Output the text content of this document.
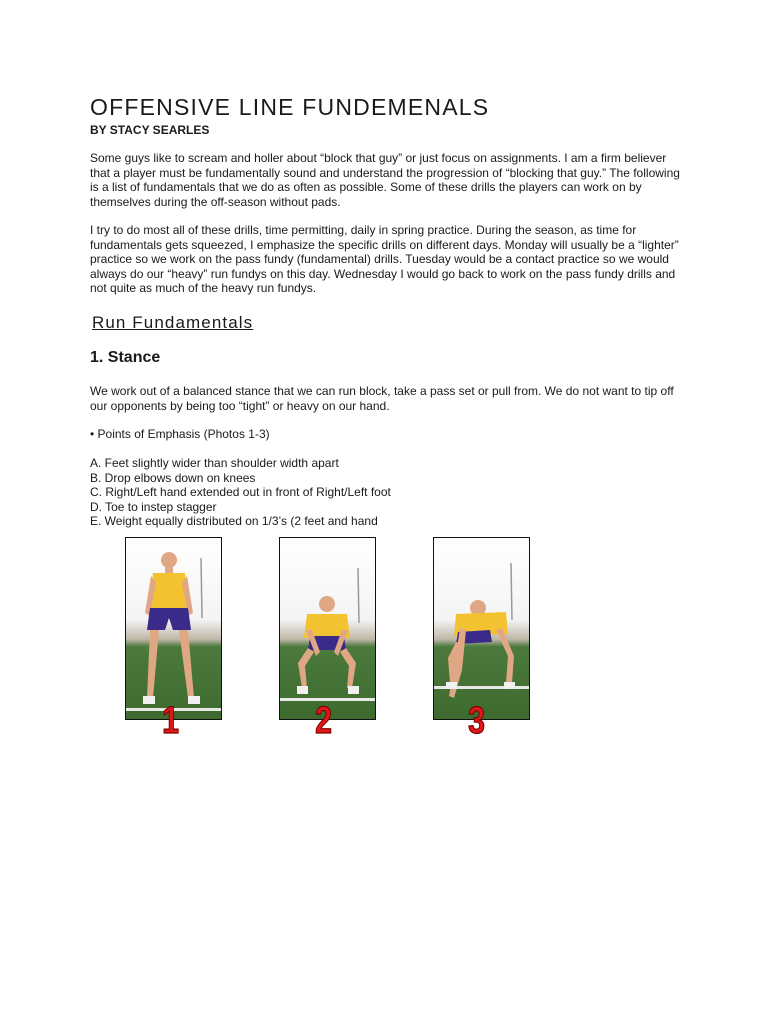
OFFENSIVE LINE FUNDEMENALS

BY STACY SEARLES

Some guys like to scream and holler about “block that guy” or just focus on assignments. I am a firm believer that a player must be fundamentally sound and understand the progression of “blocking that guy.” The following is a list of fundamentals that we do as often as possible. Some of these drills the players can work on by themselves during the off-season without pads.

I try to do most all of these drills, time permitting, daily in spring practice. During the season, as time for fundamentals gets squeezed, I emphasize the specific drills on different days. Monday will usually be a “lighter” practice so we work on the pass fundy (fundamental) drills. Tuesday would be a contact practice so we would always do our “heavy” run fundys on this day. Wednesday I would go back to work on the pass fundy drills and not quite as much of the heavy run fundys.

Run Fundamentals
1. Stance

We work out of a balanced stance that we can run block, take a pass set or pull from. We do not want to tip off our opponents by being too “tight” or heavy on our hand.

• Points of Emphasis (Photos 1-3)

A. Feet slightly wider than shoulder width apart
B. Drop elbows down on knees
C. Right/Left hand extended out in front of Right/Left foot
D. Toe to instep stagger
E. Weight equally distributed on 1/3’s (2 feet and hand
1	2	3
